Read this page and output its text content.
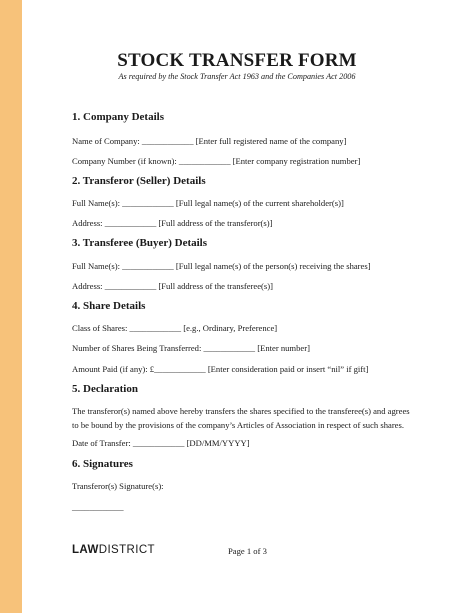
STOCK TRANSFER FORM
As required by the Stock Transfer Act 1963 and the Companies Act 2006
1. Company Details
Name of Company: ____________ [Enter full registered name of the company]
Company Number (if known): ____________ [Enter company registration number]
2. Transferor (Seller) Details
Full Name(s): ____________ [Full legal name(s) of the current shareholder(s)]
Address: ____________ [Full address of the transferor(s)]
3. Transferee (Buyer) Details
Full Name(s): ____________ [Full legal name(s) of the person(s) receiving the shares]
Address: ____________ [Full address of the transferee(s)]
4. Share Details
Class of Shares: ____________ [e.g., Ordinary, Preference]
Number of Shares Being Transferred: ____________ [Enter number]
Amount Paid (if any): £____________ [Enter consideration paid or insert “nil” if gift]
5. Declaration
The transferor(s) named above hereby transfers the shares specified to the transferee(s) and agrees to be bound by the provisions of the company’s Articles of Association in respect of such shares.
Date of Transfer: ____________ [DD/MM/YYYY]
6. Signatures
Transferor(s) Signature(s):
____________
LAWDISTRICT	Page 1 of 3
